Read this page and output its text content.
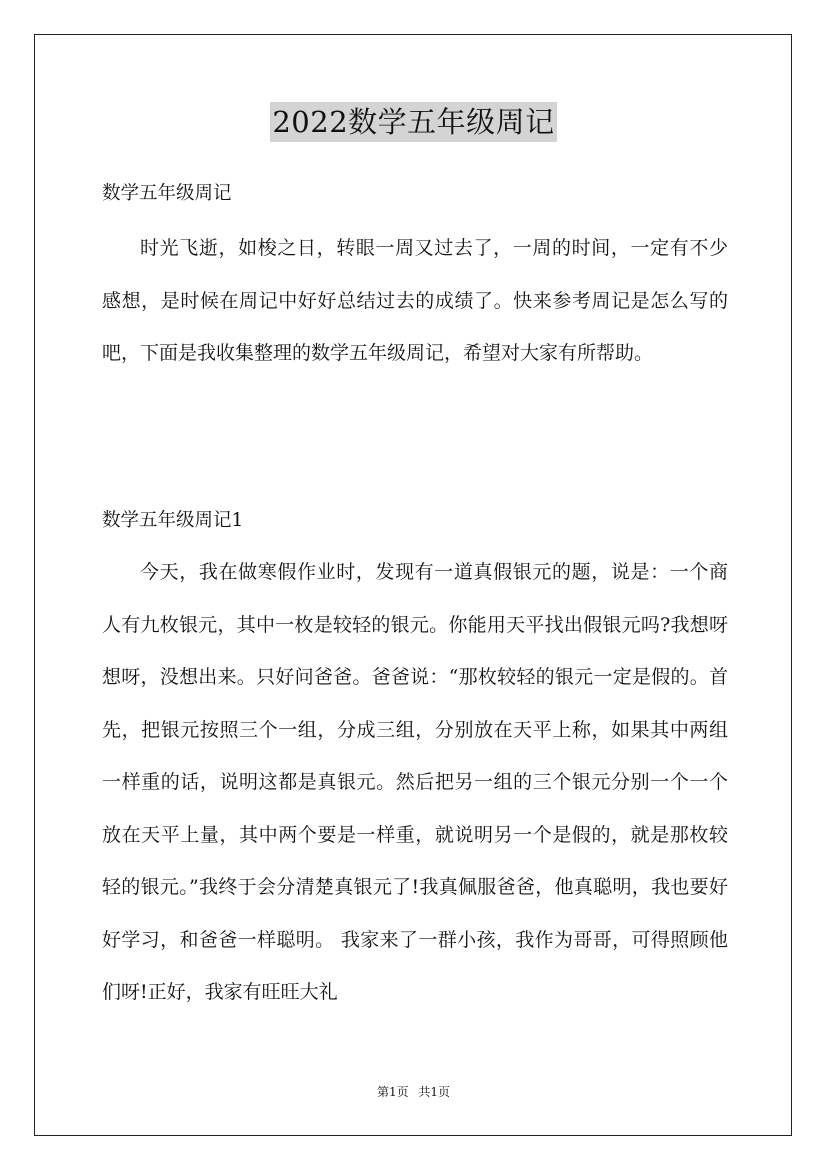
2022数学五年级周记

数学五年级周记

时光飞逝，如梭之日，转眼一周又过去了，一周的时间，一定有不少感想，是时候在周记中好好总结过去的成绩了。快来参考周记是怎么写的吧，下面是我收集整理的数学五年级周记，希望对大家有所帮助。

数学五年级周记1

今天，我在做寒假作业时，发现有一道真假银元的题，说是：一个商人有九枚银元，其中一枚是较轻的银元。你能用天平找出假银元吗?我想呀想呀，没想出来。只好问爸爸。爸爸说：“那枚较轻的银元一定是假的。首先，把银元按照三个一组，分成三组，分别放在天平上称，如果其中两组一样重的话，说明这都是真银元。然后把另一组的三个银元分别一个一个放在天平上量，其中两个要是一样重，就说明另一个是假的，就是那枚较轻的银元。”我终于会分清楚真银元了!我真佩服爸爸，他真聪明，我也要好好学习，和爸爸一样聪明。 我家来了一群小孩，我作为哥哥，可得照顾他们呀!正好，我家有旺旺大礼

第1页 共1页
